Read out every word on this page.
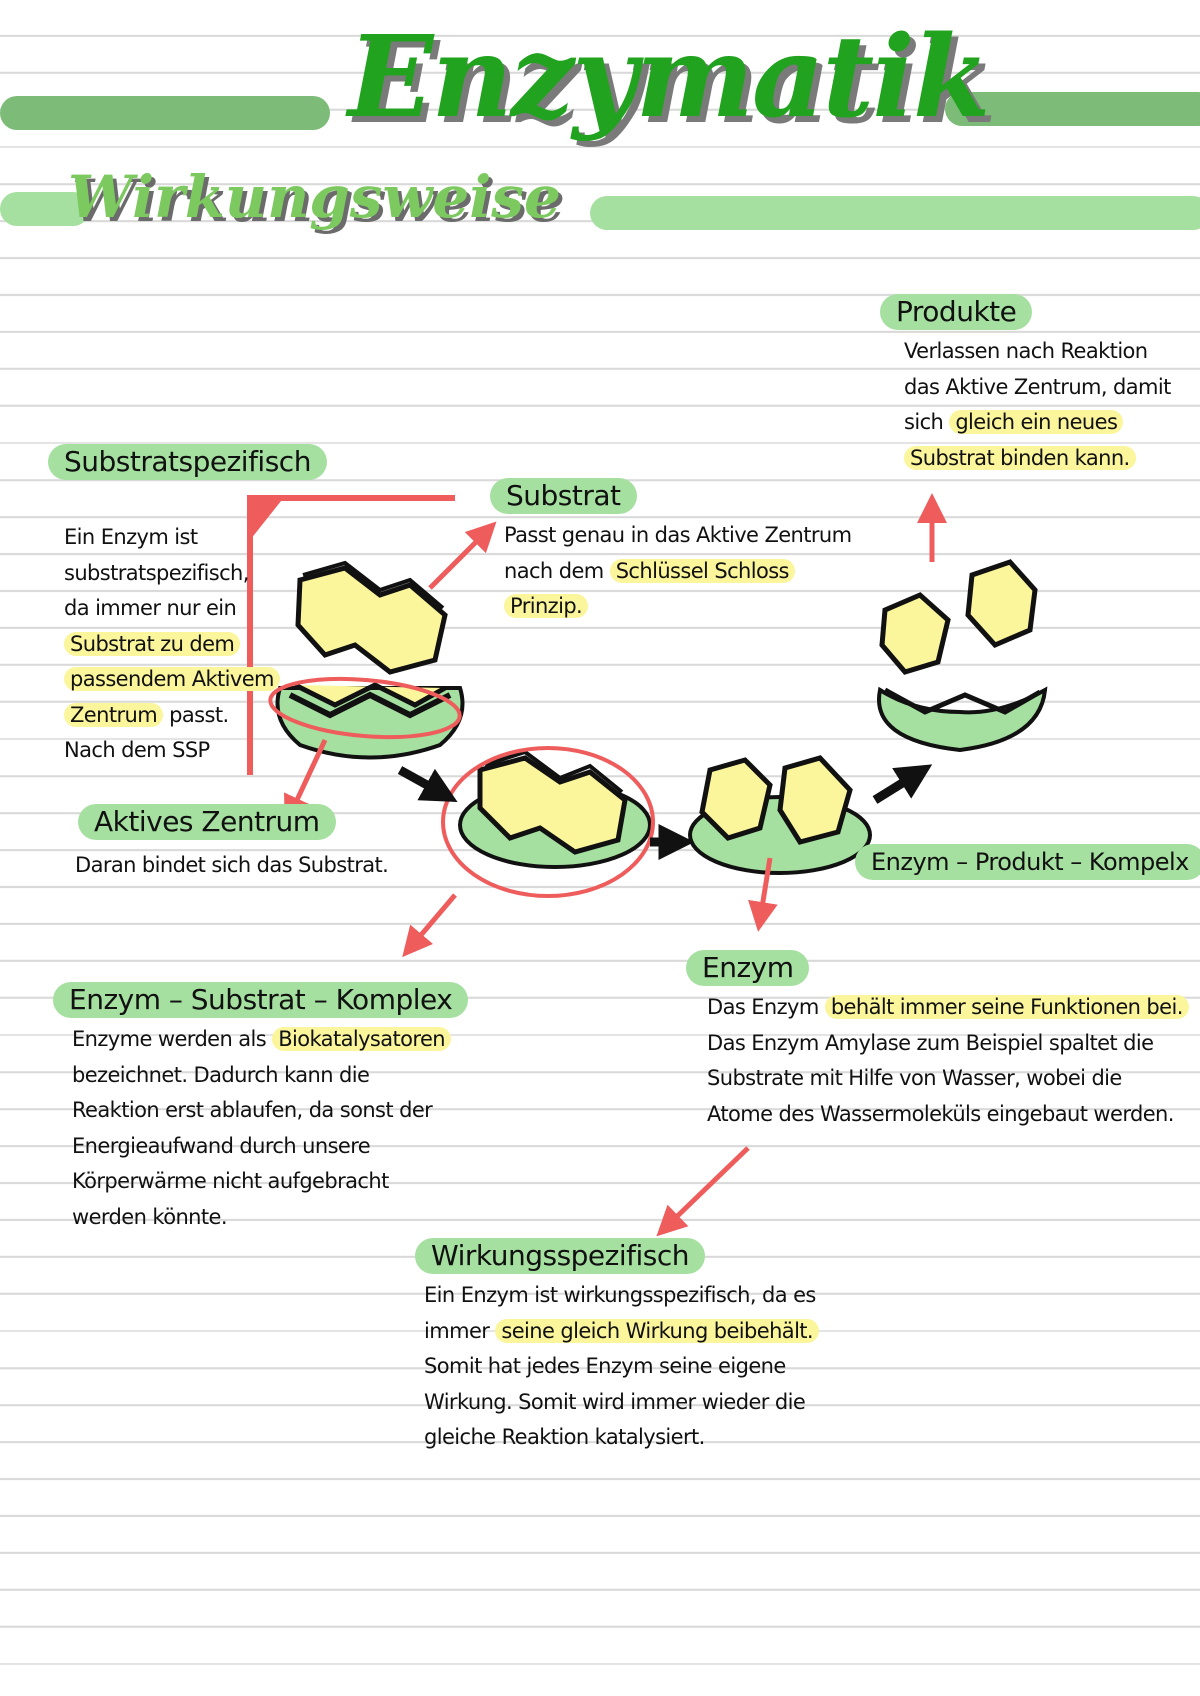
Enzymatik
Wirkungsweise
Substratspezifisch
Substrat
Produkte
Aktives Zentrum
Enzym – Produkt – Kompelx
Enzym – Substrat – Komplex
Enzym
Wirkungsspezifisch
Ein Enzym ist
substratspezifisch,
da immer nur ein
Substrat zu dem
passendem Aktivem
Zentrum passt.
Nach dem SSP
Passt genau in das Aktive Zentrum
nach dem Schlüssel Schloss
Prinzip.
Verlassen nach Reaktion
das Aktive Zentrum, damit
sich gleich ein neues
Substrat binden kann.
Daran bindet sich das Substrat.
Enzyme werden als Biokatalysatoren
bezeichnet. Dadurch kann die
Reaktion erst ablaufen, da sonst der
Energieaufwand durch unsere
Körperwärme nicht aufgebracht
werden könnte.
Das Enzym behält immer seine Funktionen bei.
Das Enzym Amylase zum Beispiel spaltet die
Substrate mit Hilfe von Wasser, wobei die
Atome des Wassermoleküls eingebaut werden.
Ein Enzym ist wirkungsspezifisch, da es
immer seine gleich Wirkung beibehält.
Somit hat jedes Enzym seine eigene
Wirkung. Somit wird immer wieder die
gleiche Reaktion katalysiert.
